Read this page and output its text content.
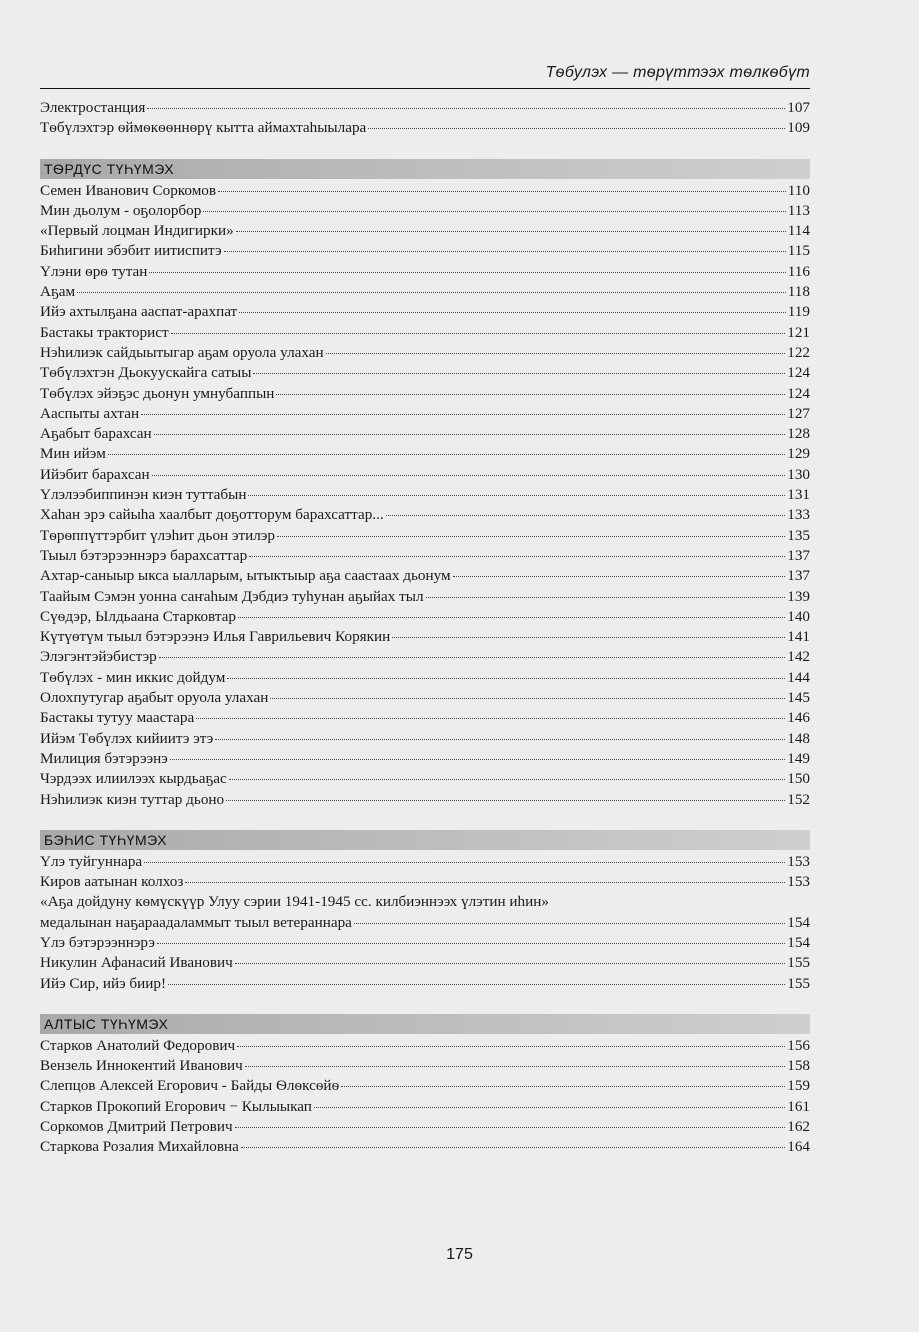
Тѳбулэх — тѳрүттээх тѳлкѳбүт
Электростанция	107
Тѳбүлэхтэр ѳймѳкѳѳннѳрү кытта аймахтаhыылара	109
ТѲРДҮС ТҮҺҮМЭХ
Семен Иванович Соркомов	110
Мин дьолум - оҕолорбор	113
«Первый лоцман Индигирки»	114
Биһигини эбэбит иитиспитэ	115
Үлэни ѳрѳ тутан	116
Аҕам	118
Ийэ ахтылҕана ааспат-арахпат	119
Бастакы тракторист	121
Нэһилиэк сайдыытыгар аҕам оруола улахан	122
Тѳбүлэхтэн Дьокуускайга сатыы	124
Тѳбүлэх эйэҕэс дьонун умнубаппын	124
Аaспыты ахтан	127
Аҕабыт барахсан	128
Мин ийэм	129
Ийэбит барахсан	130
Үлэлээбиппинэн киэн туттабын	131
Хаhан эрэ сайыhа хаалбыт доҕотторум барахсаттар...	133
Тѳрѳппүттэрбит үлэһит дьон этилэр	135
Тыыл бэтэрээннэрэ барахсаттар	137
Ахтар-саныыр ыкса ыалларым, ытыктыыр аҕа саастаах дьонум	137
Таайым Сэмэн уонна саҥаһым Дэбдиэ туһунан аҕыйах тыл	139
Сүѳдэр, Ылдьаана Старковтар	140
Күтүѳтүм тыыл бэтэрээнэ Илья Гаврильевич Корякин	141
Элэгэнтэйэбистэр	142
Тѳбүлэх - мин иккис дойдум	144
Олохпутугар аҕабыт оруола улахан	145
Бастакы тутуу маастара	146
Ийэм Тѳбүлэх кийиитэ этэ	148
Милиция бэтэрээнэ	149
Чэрдээх илиилээх кырдьаҕас	150
Нэһилиэк киэн туттар дьоно	152
БЭҺИС ТҮҺҮМЭХ
Үлэ туйгуннара	153
Киров аатынан колхоз	153
«Аҕа дойдуну кѳмүскүүр Улуу сэрии 1941-1945 сс. килбиэннээх үлэтин иһин»
медалынан наҕараадаламмыт тыыл ветераннара	154
Үлэ бэтэрээннэрэ	154
Никулин Афанасий Иванович	155
Ийэ Сир, ийэ биир!	155
АЛТЫС ТҮҺҮМЭХ
Старков Анатолий Федорович	156
Вензель Иннокентий Иванович	158
Слепцов Алексей Егорович - Байды Ѳлѳксѳйѳ	159
Старков Прокопий Егорович − Кылыыкап	161
Соркомов Дмитрий Петрович	162
Старкова Розалия Михайловна	164
175
